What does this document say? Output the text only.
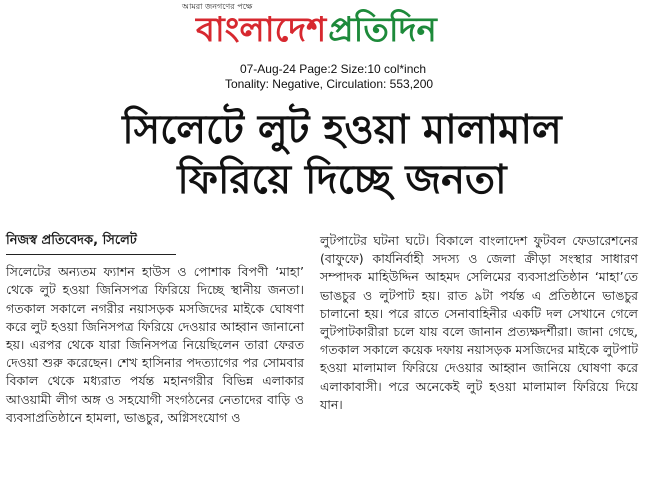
আমরা জনগণের পক্ষে
বাংলাদেশপ্রতিদিন
07-Aug-24 Page:2 Size:10 col*inch
Tonality: Negative, Circulation: 553,200
সিলেটে লুট হওয়া মালামাল
ফিরিয়ে দিচ্ছে জনতা
নিজস্ব প্রতিবেদক, সিলেট
সিলেটের অন্যতম ফ্যাশন হাউস ও পোশাক বিপণী ‘মাহা’ থেকে লুট হওয়া জিনিসপত্র ফিরিয়ে দিচ্ছে স্থানীয় জনতা। গতকাল সকালে নগরীর নয়াসড়ক মসজিদের মাইকে ঘোষণা করে লুট হওয়া জিনিসপত্র ফিরিয়ে দেওয়ার আহ্বান জানানো হয়। এরপর থেকে যারা জিনিসপত্র নিয়েছিলেন তারা ফেরত দেওয়া শুরু করেছেন। শেখ হাসিনার পদত্যাগের পর সোমবার বিকাল থেকে মধ্যরাত পর্যন্ত মহানগরীর বিভিন্ন এলাকার আওয়ামী লীগ অঙ্গ ও সহযোগী সংগঠনের নেতাদের বাড়ি ও ব্যবসাপ্রতিষ্ঠানে হামলা, ভাঙচুর, অগ্নিসংযোগ ও
লুটপাটের ঘটনা ঘটে। বিকালে বাংলাদেশ ফুটবল ফেডারেশনের (বাফুফে) কার্যনির্বাহী সদস্য ও জেলা ক্রীড়া সংস্থার সাধারণ সম্পাদক মাহিউদ্দিন আহমদ সেলিমের ব্যবসাপ্রতিষ্ঠান ‘মাহা’তে ভাঙচুর ও লুটপাট হয়। রাত ৯টা পর্যন্ত এ প্রতিষ্ঠানে ভাঙচুর চালানো হয়। পরে রাতে সেনাবাহিনীর একটি দল সেখানে গেলে লুটপাটকারীরা চলে যায় বলে জানান প্রত্যক্ষদর্শীরা। জানা গেছে, গতকাল সকালে কয়েক দফায় নয়াসড়ক মসজিদের মাইকে লুটপাট হওয়া মালামাল ফিরিয়ে দেওয়ার আহ্বান জানিয়ে ঘোষণা করে এলাকাবাসী। পরে অনেকেই লুট হওয়া মালামাল ফিরিয়ে দিয়ে যান।
